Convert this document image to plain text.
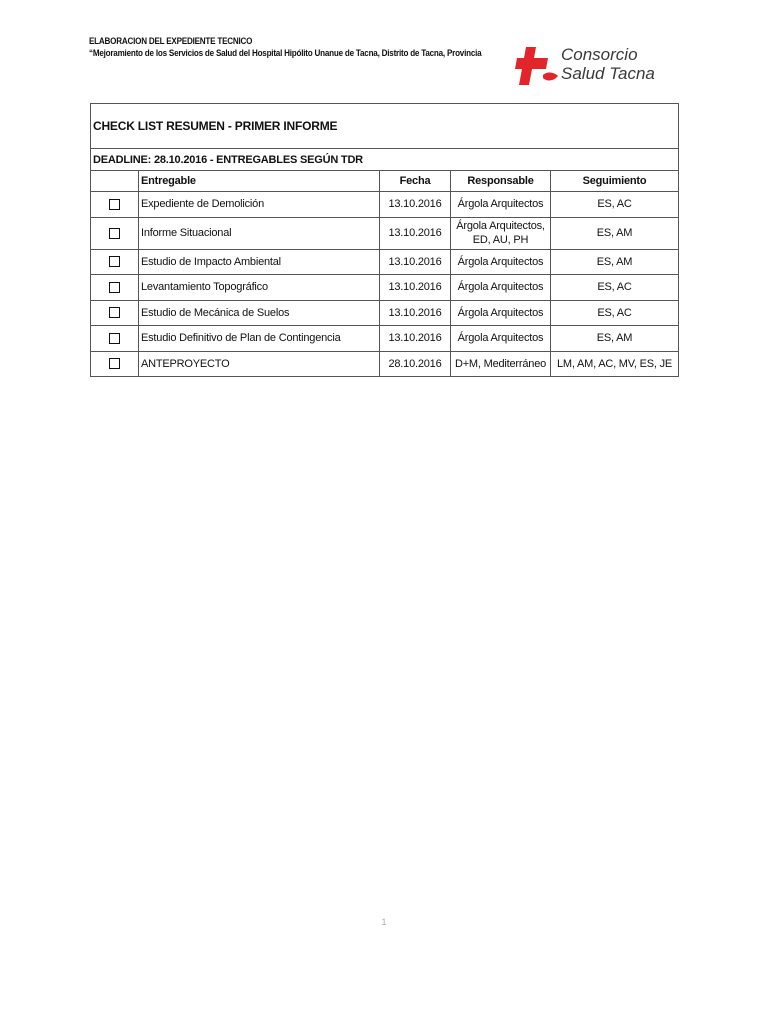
ELABORACION DEL EXPEDIENTE TECNICO
“Mejoramiento de los Servicios de Salud del Hospital Hipólito Unanue de Tacna, Distrito de Tacna, Provincia	Consorcio
Salud Tacna
CHECK LIST RESUMEN - PRIMER INFORME				
DEADLINE: 28.10.2016 - ENTREGABLES SEGÚN TDR				
	Entregable	Fecha	Responsable	Seguimiento
	Expediente de Demolición	13.10.2016	Árgola Arquitectos	ES, AC
	Informe Situacional	13.10.2016	Árgola Arquitectos,
ED, AU, PH	ES, AM
	Estudio de Impacto Ambiental	13.10.2016	Árgola Arquitectos	ES, AM
	Levantamiento Topográfico	13.10.2016	Árgola Arquitectos	ES, AC
	Estudio de Mecánica de Suelos	13.10.2016	Árgola Arquitectos	ES, AC
	Estudio Definitivo de Plan de Contingencia	13.10.2016	Árgola Arquitectos	ES, AM
	ANTEPROYECTO	28.10.2016	D+M, Mediterráneo	LM, AM, AC, MV, ES, JE
1
